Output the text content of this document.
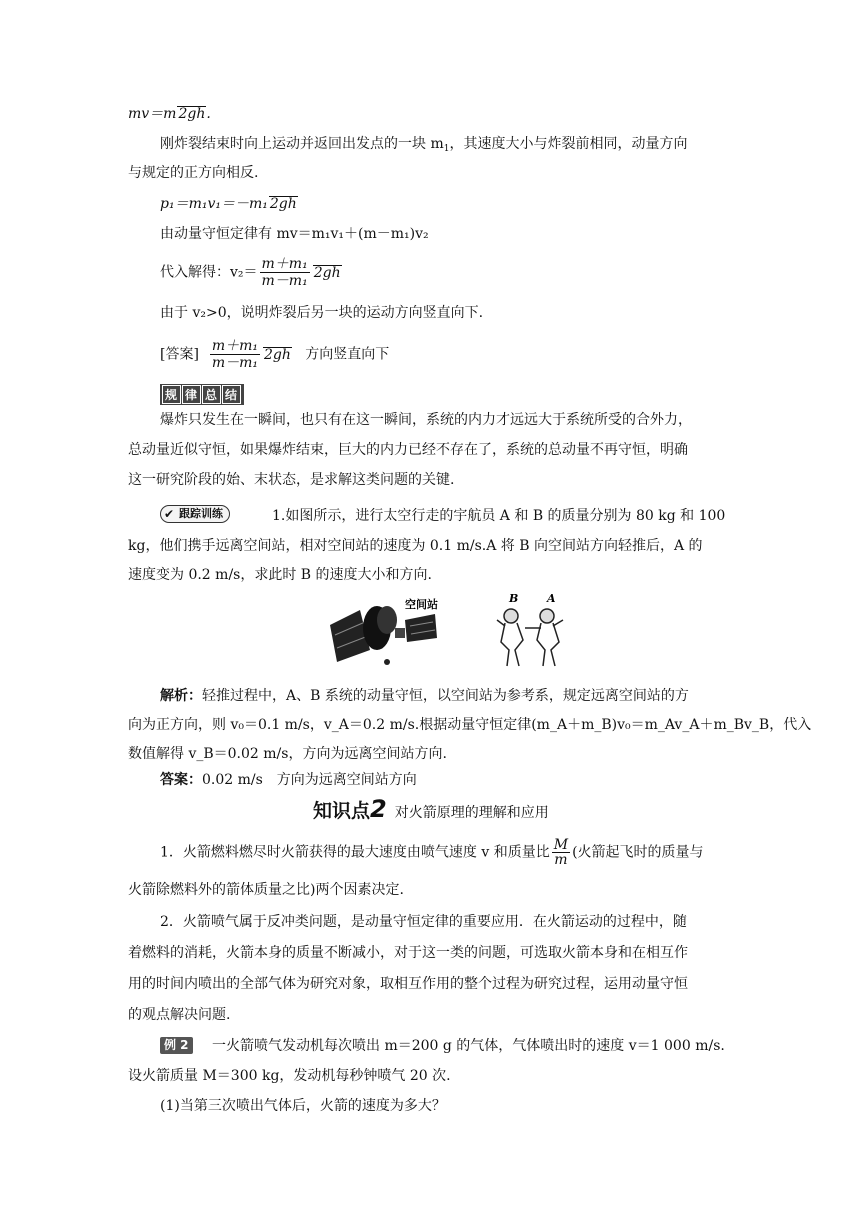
mv＝m 2gh.
刚炸裂结束时向上运动并返回出发点的一块 $m_1$，其速度大小与炸裂前相同，动量方向
与规定的正方向相反.
p₁＝m₁v₁＝－m₁ 2gh
由动量守恒定律有 mv＝m₁v₁＋(m－m₁)v₂
代入解得：$v_2= \frac{\text{m＋m₁}}{\text{m－m₁}} 2gh$
由于 v₂>0，说明炸裂后另一块的运动方向竖直向下.
[答案] $\frac{\text{m＋m₁}}{\text{m－m₁}} 2gh$ 方向竖直向下
规 律 总 结
爆炸只发生在一瞬间，也只有在这一瞬间，系统的内力才远远大于系统所受的合外力，
总动量近似守恒，如果爆炸结束，巨大的内力已经不存在了，系统的总动量不再守恒，明确
这一研究阶段的始、末状态，是求解这类问题的关键.
✔ 跟踪训练	1.如图所示，进行太空行走的宇航员 A 和 B 的质量分别为 80 kg 和 100
kg，他们携手远离空间站，相对空间站的速度为 0.1 m/s.A 将 B 向空间站方向轻推后，A 的
速度变为 0.2 m/s，求此时 B 的速度大小和方向.
空间站	B	A
解析：轻推过程中，A、B 系统的动量守恒，以空间站为参考系，规定远离空间站的方
向为正方向，则 v₀＝0.1 m/s，v_A＝0.2 m/s.根据动量守恒定律(m_A＋m_B)v₀＝m_Av_A＋m_Bv_B，代入
数值解得 v_B＝0.02 m/s，方向为远离空间站方向.
答案：0.02 m/s　方向为远离空间站方向
知识点2 对火箭原理的理解和应用
1．火箭燃料燃尽时火箭获得的最大速度由喷气速度 v 和质量比 $\frac{M}{m}$ (火箭起飞时的质量与
火箭除燃料外的箭体质量之比)两个因素决定.
2．火箭喷气属于反冲类问题，是动量守恒定律的重要应用．在火箭运动的过程中，随
着燃料的消耗，火箭本身的质量不断减小，对于这一类的问题，可选取火箭本身和在相互作
用的时间内喷出的全部气体为研究对象，取相互作用的整个过程为研究过程，运用动量守恒
的观点解决问题.
例 2 一火箭喷气发动机每次喷出 m＝200 g 的气体，气体喷出时的速度 v＝1 000 m/s.
设火箭质量 M＝300 kg，发动机每秒钟喷气 20 次.
(1)当第三次喷出气体后，火箭的速度为多大？
